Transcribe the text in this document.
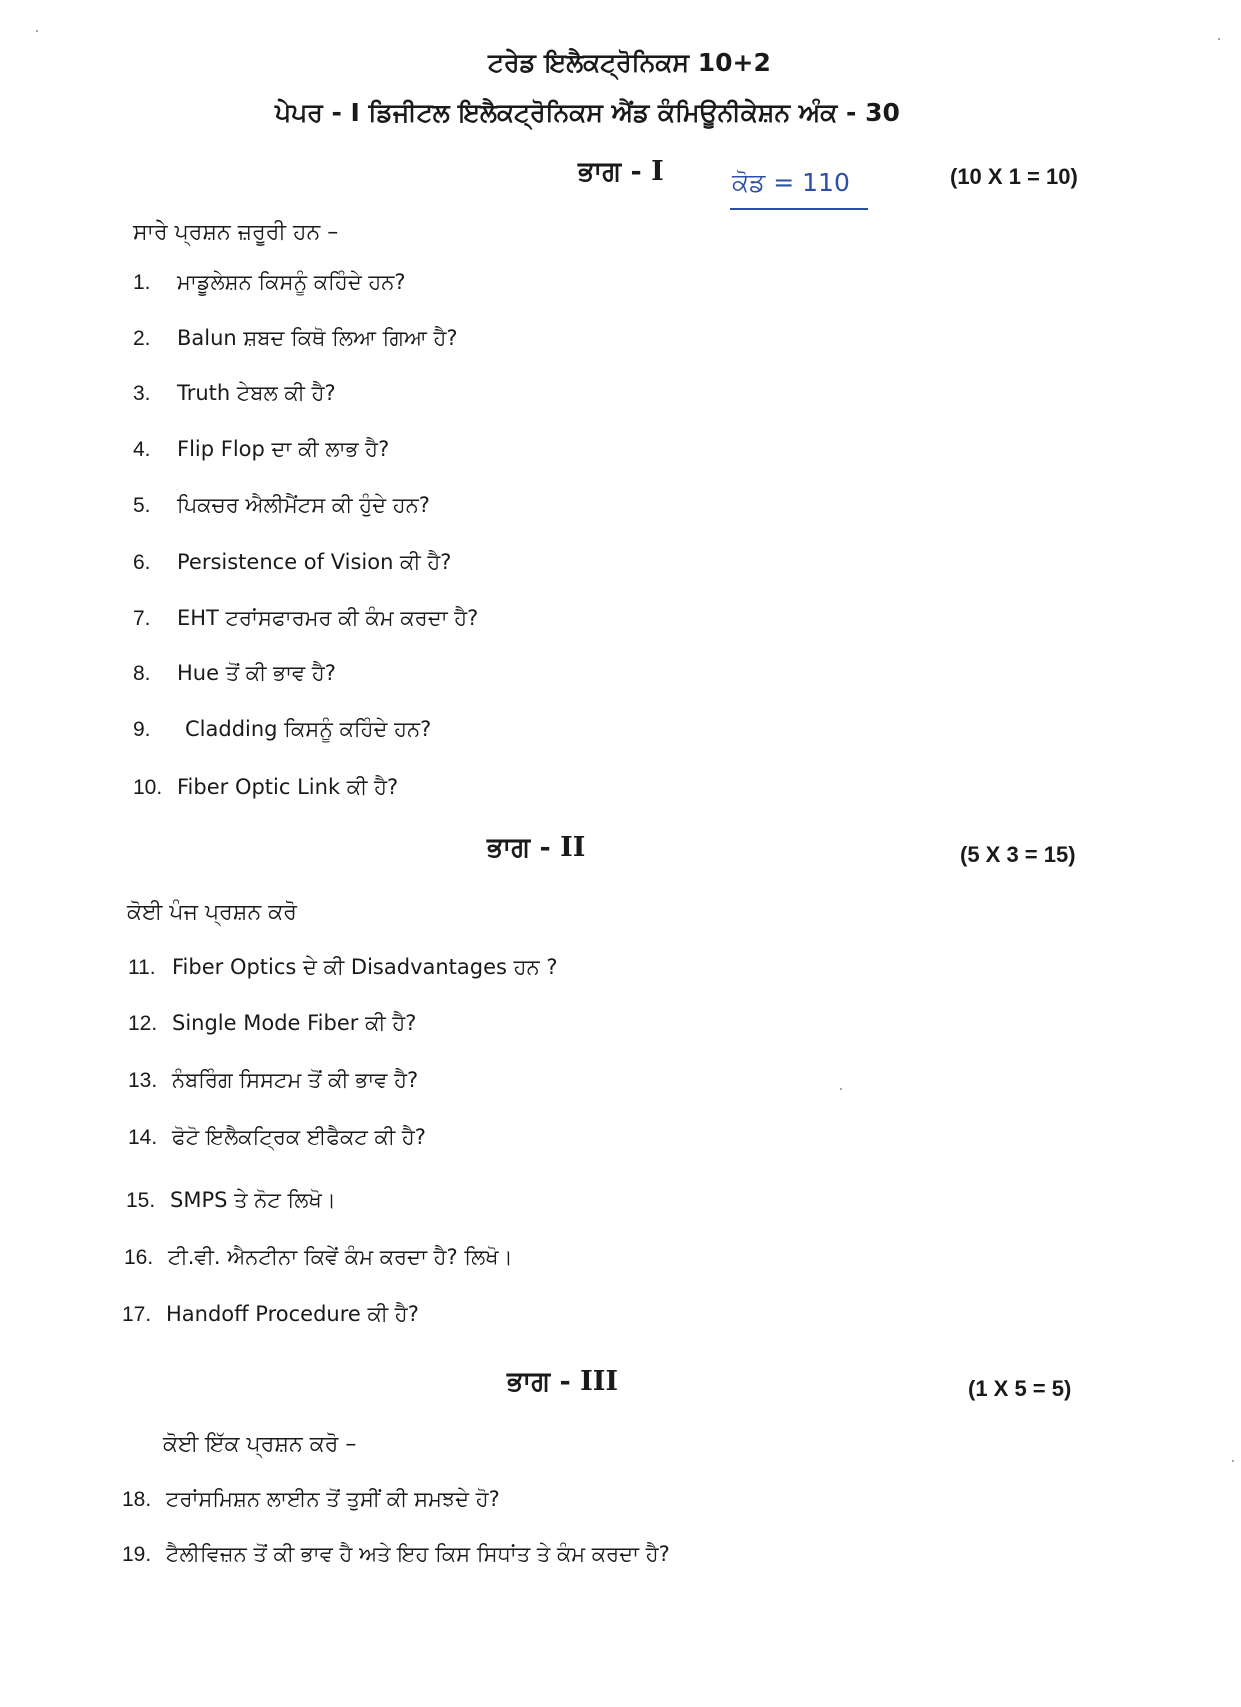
ਟਰੇਡ ਇਲੈਕਟ੍ਰੋਨਿਕਸ 10+2
ਪੇਪਰ - I ਡਿਜੀਟਲ ਇਲੈਕਟ੍ਰੋਨਿਕਸ ਐਂਡ ਕੰਮਿਊਨੀਕੇਸ਼ਨ ਅੰਕ - 30
ਭਾਗ - I	ਕੋਡ = 110	(10 X 1 = 10)
ਸਾਰੇ ਪ੍ਰਸ਼ਨ ਜ਼ਰੂਰੀ ਹਨ –
1.	ਮਾਡੂਲੇਸ਼ਨ ਕਿਸਨੂੰ ਕਹਿੰਦੇ ਹਨ?
2.	Balun ਸ਼ਬਦ ਕਿਥੋ ਲਿਆ ਗਿਆ ਹੈ?
3.	Truth ਟੇਬਲ ਕੀ ਹੈ?
4.	Flip Flop ਦਾ ਕੀ ਲਾਭ ਹੈ?
5.	ਪਿਕਚਰ ਐਲੀਮੈਂਟਸ ਕੀ ਹੁੰਦੇ ਹਨ?
6.	Persistence of Vision ਕੀ ਹੈ?
7.	EHT ਟਰਾਂਸਫਾਰਮਰ ਕੀ ਕੰਮ ਕਰਦਾ ਹੈ?
8.	Hue ਤੋਂ ਕੀ ਭਾਵ ਹੈ?
9.	Cladding ਕਿਸਨੂੰ ਕਹਿੰਦੇ ਹਨ?
10. Fiber Optic Link ਕੀ ਹੈ?
ਭਾਗ - II	(5 X 3 = 15)
ਕੋਈ ਪੰਜ ਪ੍ਰਸ਼ਨ ਕਰੋ
11. Fiber Optics ਦੇ ਕੀ Disadvantages ਹਨ ?
12. Single Mode Fiber ਕੀ ਹੈ?
13. ਨੰਬਰਿੰਗ ਸਿਸਟਮ ਤੋਂ ਕੀ ਭਾਵ ਹੈ?
14. ਫੋਟੋ ਇਲੈਕਟ੍ਰਿਕ ਈਫੈਕਟ ਕੀ ਹੈ?
15. SMPS ਤੇ ਨੋਟ ਲਿਖੋ।
16. ਟੀ.ਵੀ. ਐਨਟੀਨਾ ਕਿਵੇਂ ਕੰਮ ਕਰਦਾ ਹੈ? ਲਿਖੋ।
17. Handoff Procedure ਕੀ ਹੈ?
ਭਾਗ - III	(1 X 5 = 5)
ਕੋਈ ਇੱਕ ਪ੍ਰਸ਼ਨ ਕਰੋ –
18. ਟਰਾਂਸਮਿਸ਼ਨ ਲਾਈਨ ਤੋਂ ਤੁਸੀਂ ਕੀ ਸਮਝਦੇ ਹੋ?
19. ਟੈਲੀਵਿਜ਼ਨ ਤੋਂ ਕੀ ਭਾਵ ਹੈ ਅਤੇ ਇਹ ਕਿਸ ਸਿਧਾਂਤ ਤੇ ਕੰਮ ਕਰਦਾ ਹੈ?
